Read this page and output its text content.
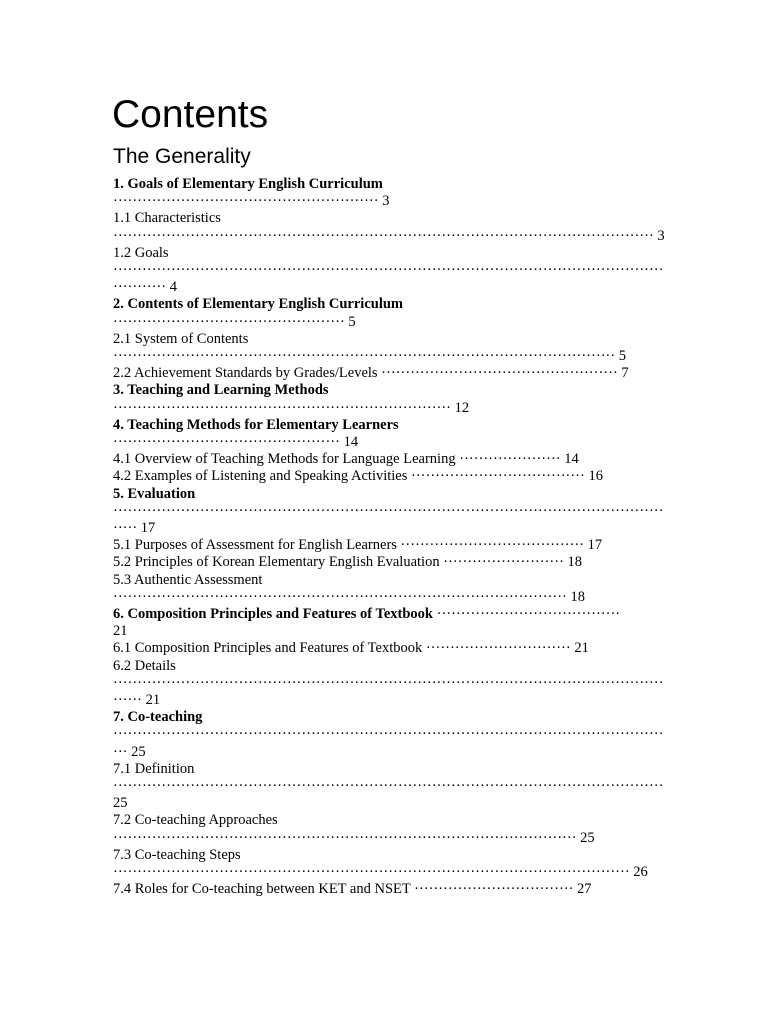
Contents
The Generality
1. Goals of Elementary English Curriculum
······················································· 3
1.1 Characteristics
················································································································ 3
1.2 Goals
··················································································································
··········· 4
2. Contents of Elementary English Curriculum
················································ 5
2.1 System of Contents
········································································································ 5
2.2 Achievement Standards by Grades/Levels ················································· 7
3. Teaching and Learning Methods
······································································ 12
4. Teaching Methods for Elementary Learners
··············································· 14
4.1 Overview of Teaching Methods for Language Learning ····················· 14
4.2 Examples of Listening and Speaking Activities ···································· 16
5. Evaluation
··················································································································
····· 17
5.1 Purposes of Assessment for English Learners ······································ 17
5.2 Principles of Korean Elementary English Evaluation ························· 18
5.3 Authentic Assessment
······························································································ 18
6. Composition Principles and Features of Textbook ······································
21
6.1 Composition Principles and Features of Textbook ······························ 21
6.2 Details
··················································································································
······ 21
7. Co-teaching
··················································································································
··· 25
7.1 Definition
··················································································································
25
7.2 Co-teaching Approaches
································································································ 25
7.3 Co-teaching Steps
··········································································································· 26
7.4 Roles for Co-teaching between KET and NSET ································· 27
